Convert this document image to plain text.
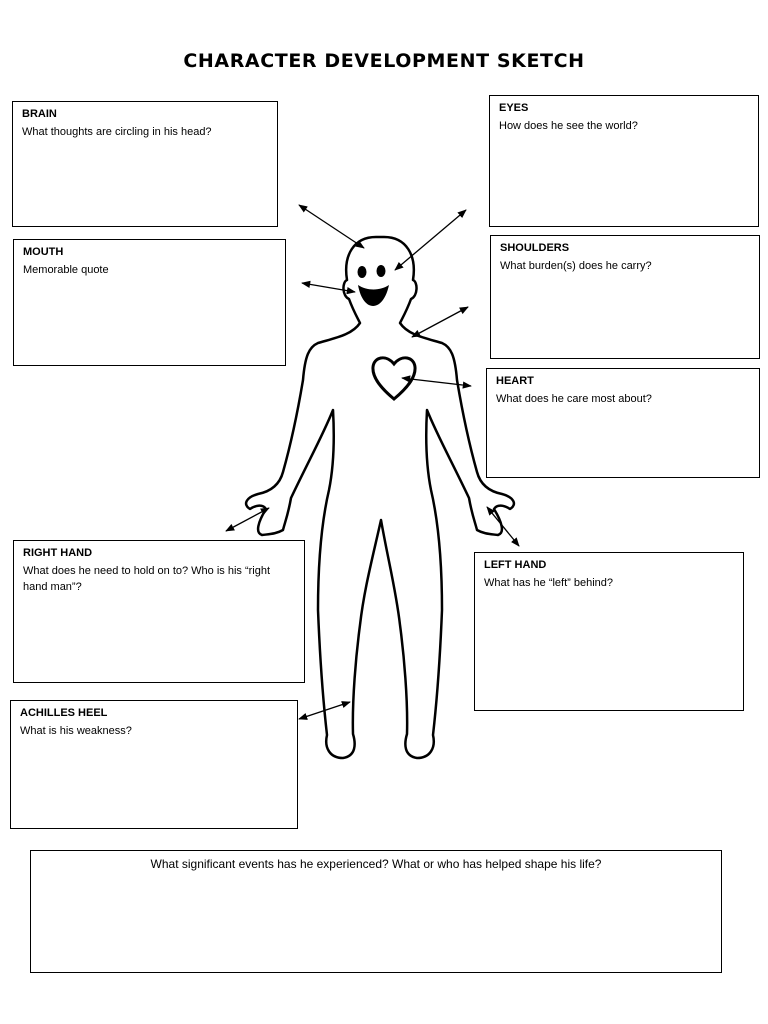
CHARACTER DEVELOPMENT SKETCH
BRAIN
What thoughts are circling in his head?
EYES
How does he see the world?
MOUTH
Memorable quote
SHOULDERS
What burden(s) does he carry?
HEART
What does he care most about?
RIGHT HAND
What does he need to hold on to? Who is his “right hand man”?
LEFT HAND
What has he “left” behind?
ACHILLES HEEL
What is his weakness?
What significant events has he experienced? What or who has helped shape his life?
